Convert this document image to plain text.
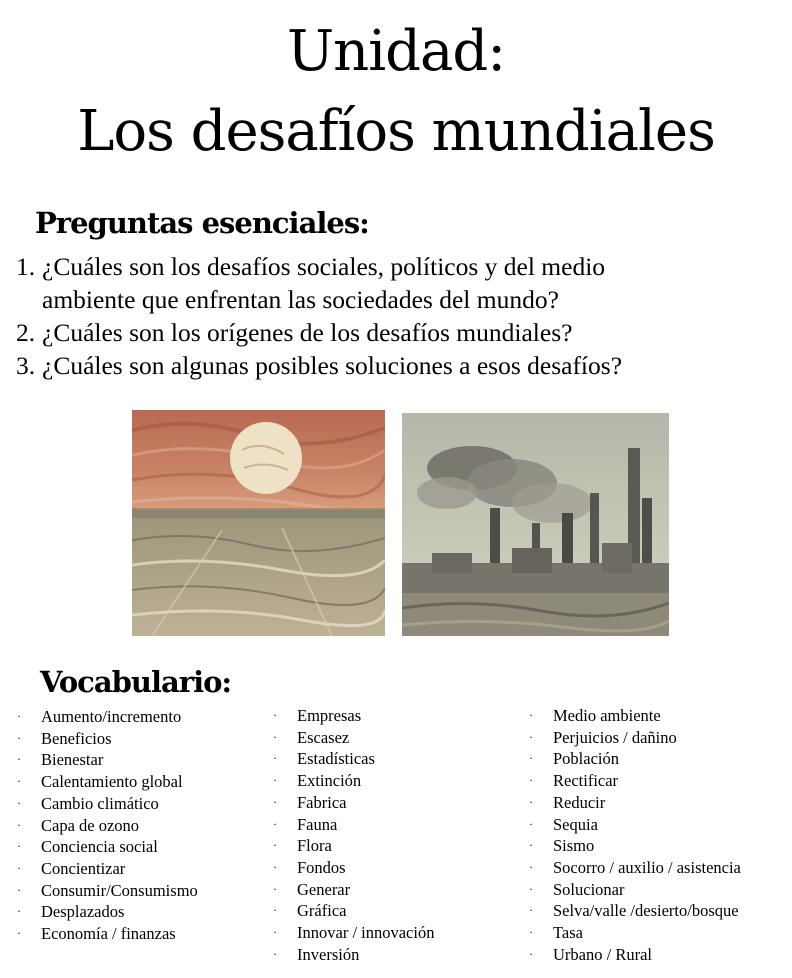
Unidad:
Los desafíos mundiales
Preguntas esenciales:
1. ¿Cuáles son los desafíos sociales, políticos y del medio
ambiente que enfrentan las sociedades del mundo?
2. ¿Cuáles son los orígenes de los desafíos mundiales?
3. ¿Cuáles son algunas posibles soluciones a esos desafíos?
Vocabulario:
· Aumento/incremento
· Beneficios
· Bienestar
· Calentamiento global
· Cambio climático
· Capa de ozono
· Conciencia social
· Concientizar
· Consumir/Consumismo
· Desplazados
· Economía / finanzas
· Empresas
· Escasez
· Estadísticas
· Extinción
· Fabrica
· Fauna
· Flora
· Fondos
· Generar
· Gráfica
· Innovar / innovación
· Inversión
· Medio ambiente
· Perjuicios / dañino
· Población
· Rectificar
· Reducir
· Sequia
· Sismo
· Socorro / auxilio / asistencia
· Solucionar
· Selva/valle /desierto/bosque
· Tasa
· Urbano / Rural
